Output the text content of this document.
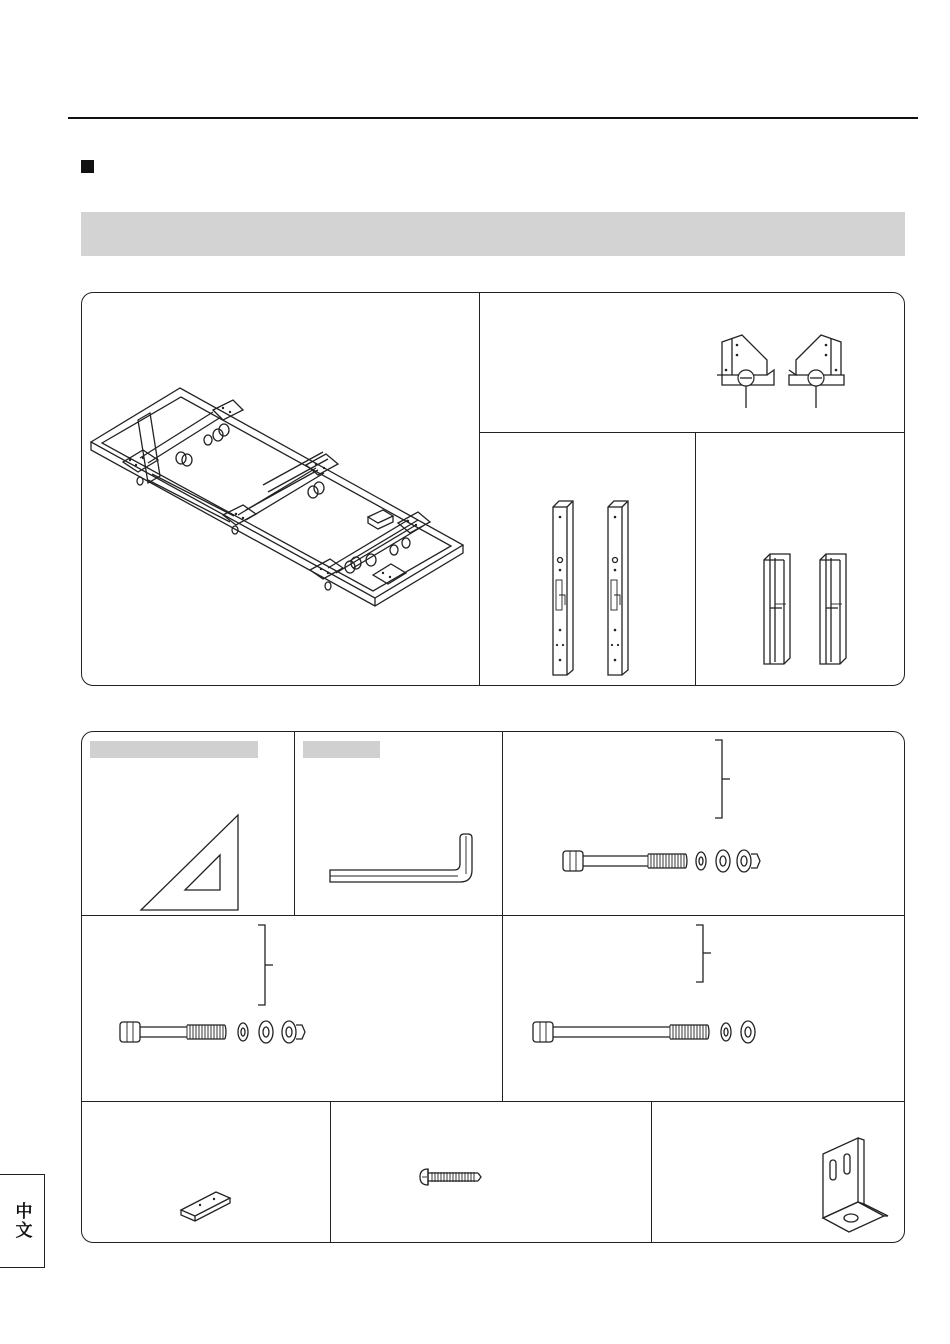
中文
